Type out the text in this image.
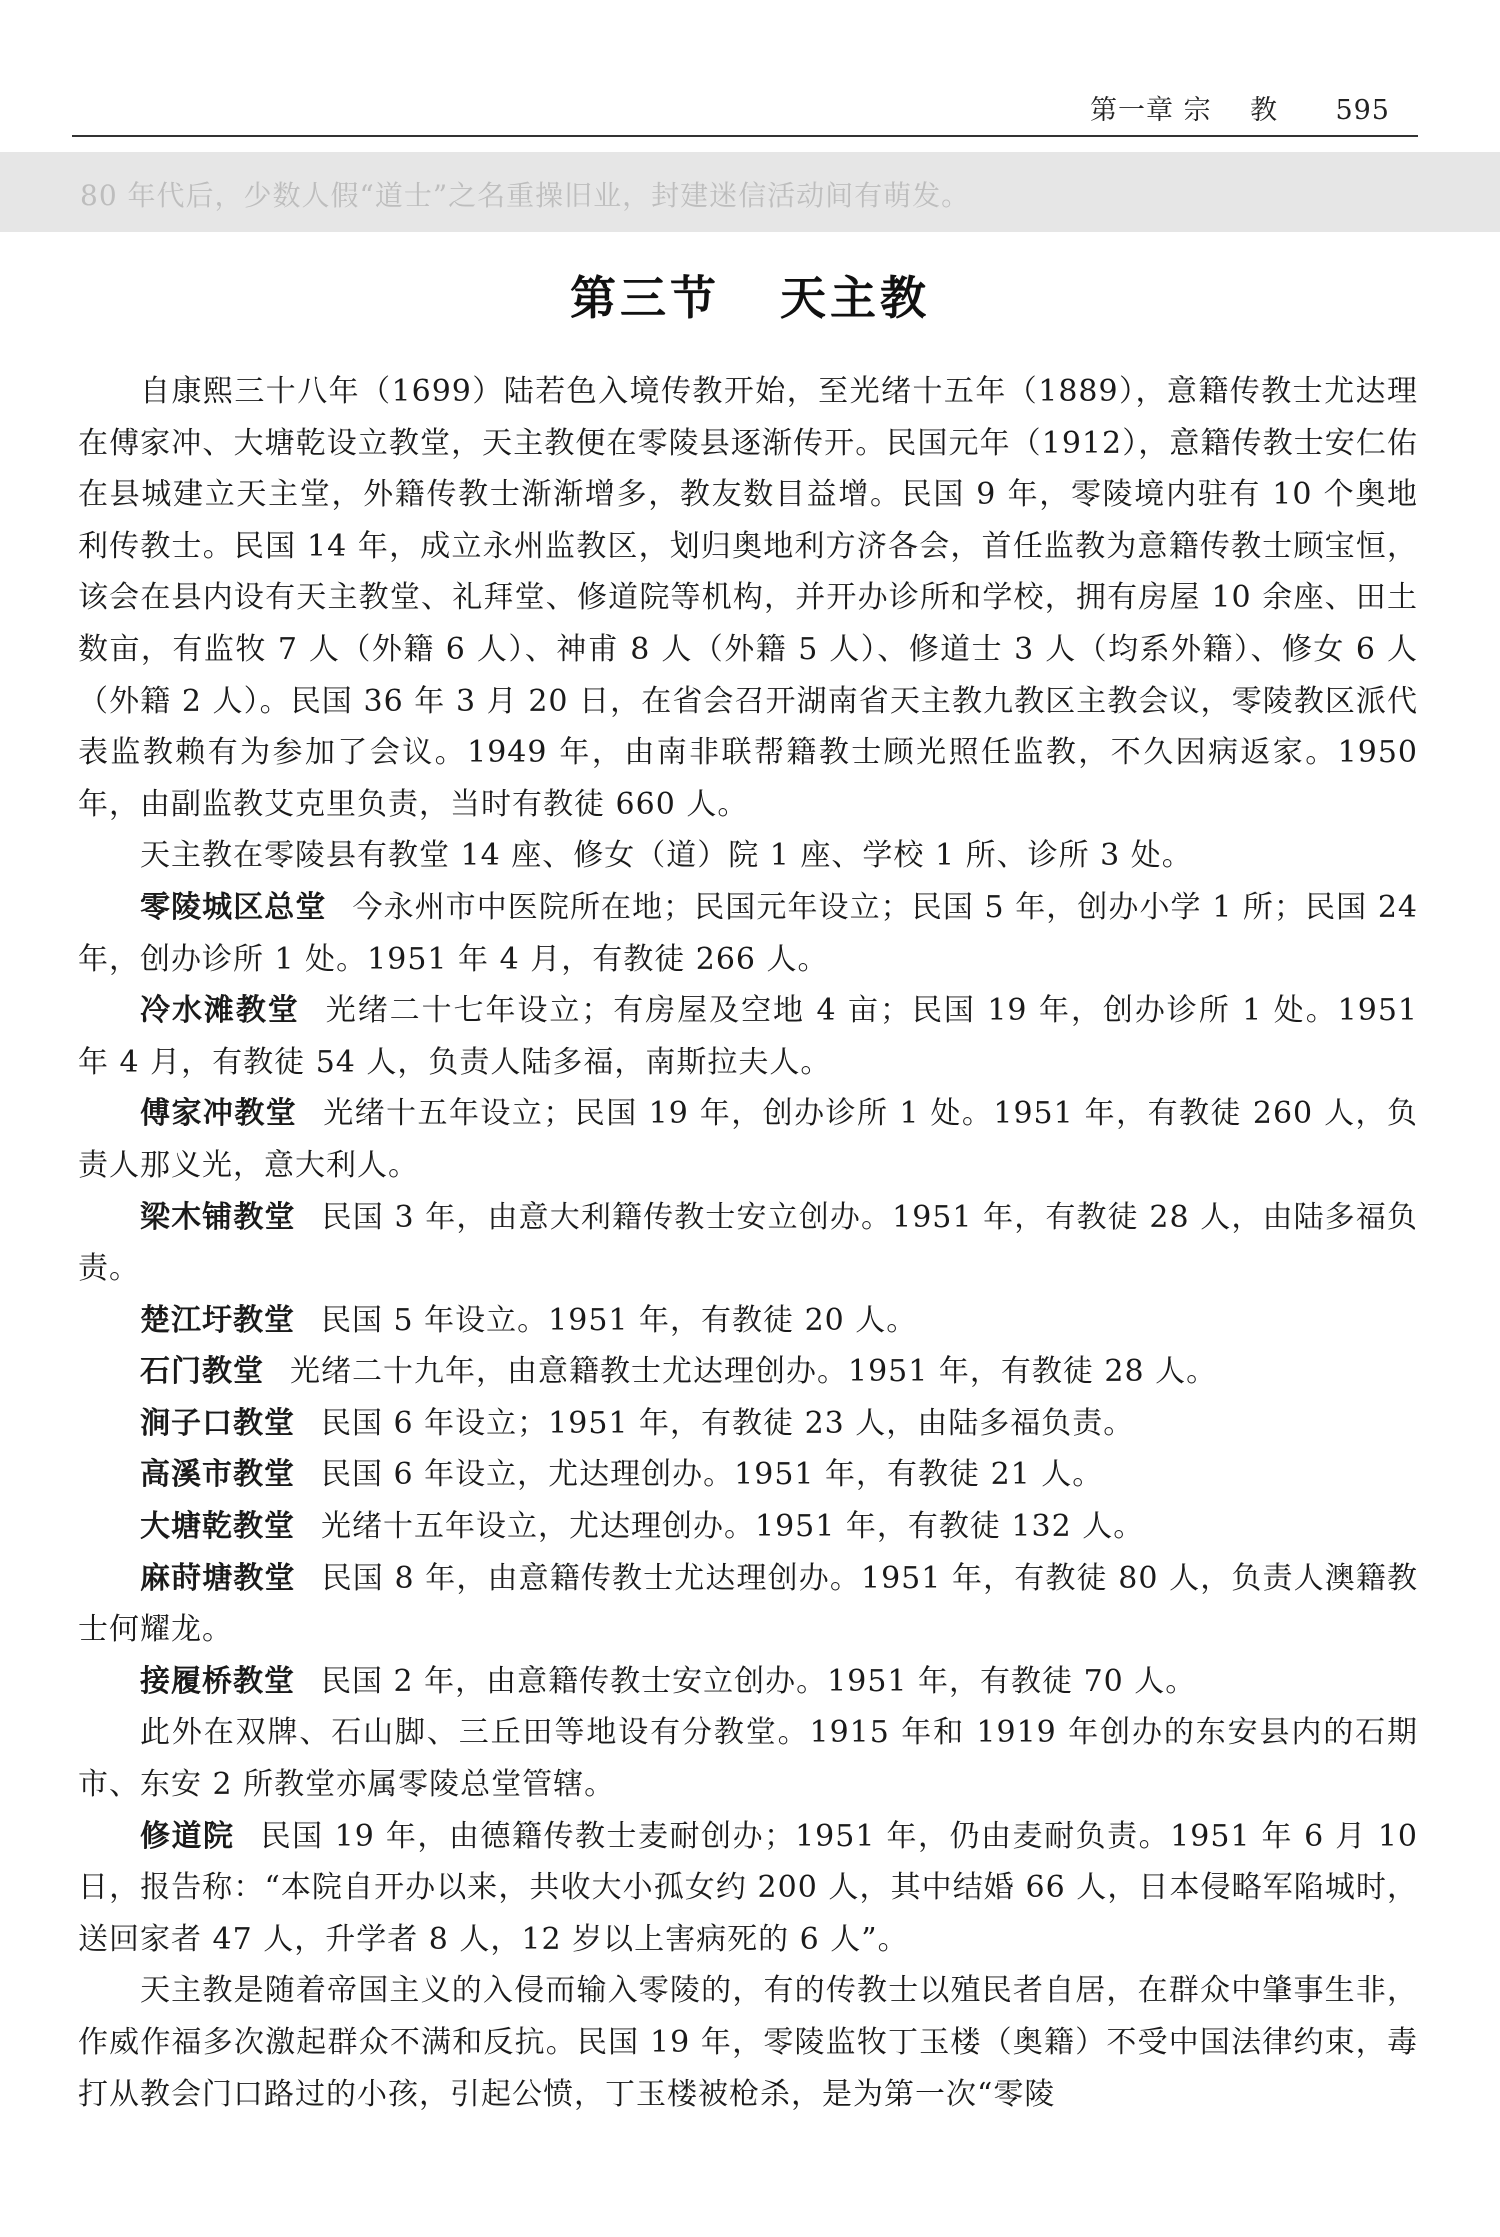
第一章 宗    教 595
80 年代后，少数人假“道士”之名重操旧业，封建迷信活动间有萌发。
第三节   天主教

自康熙三十八年（1699）陆若色入境传教开始，至光绪十五年（1889），意籍传教士尤达理在傅家冲、大塘乾设立教堂，天主教便在零陵县逐渐传开。民国元年（1912），意籍传教士安仁佑在县城建立天主堂，外籍传教士渐渐增多，教友数目益增。民国 9 年，零陵境内驻有 10 个奥地利传教士。民国 14 年，成立永州监教区，划归奥地利方济各会，首任监教为意籍传教士顾宝恒，该会在县内设有天主教堂、礼拜堂、修道院等机构，并开办诊所和学校，拥有房屋 10 余座、田土数亩，有监牧 7 人（外籍 6 人）、神甫 8 人（外籍 5 人）、修道士 3 人（均系外籍）、修女 6 人（外籍 2 人）。民国 36 年 3 月 20 日，在省会召开湖南省天主教九教区主教会议，零陵教区派代表监教赖有为参加了会议。1949 年，由南非联帮籍教士顾光照任监教，不久因病返家。1950 年，由副监教艾克里负责，当时有教徒 660 人。

天主教在零陵县有教堂 14 座、修女（道）院 1 座、学校 1 所、诊所 3 处。

零陵城区总堂 今永州市中医院所在地；民国元年设立；民国 5 年，创办小学 1 所；民国 24 年，创办诊所 1 处。1951 年 4 月，有教徒 266 人。

冷水滩教堂 光绪二十七年设立；有房屋及空地 4 亩；民国 19 年，创办诊所 1 处。1951 年 4 月，有教徒 54 人，负责人陆多福，南斯拉夫人。

傅家冲教堂 光绪十五年设立；民国 19 年，创办诊所 1 处。1951 年，有教徒 260 人，负责人那义光，意大利人。

梁木铺教堂 民国 3 年，由意大利籍传教士安立创办。1951 年，有教徒 28 人，由陆多福负责。

楚江圩教堂 民国 5 年设立。1951 年，有教徒 20 人。

石门教堂 光绪二十九年，由意籍教士尤达理创办。1951 年，有教徒 28 人。

涧子口教堂 民国 6 年设立；1951 年，有教徒 23 人，由陆多福负责。

高溪市教堂 民国 6 年设立，尤达理创办。1951 年，有教徒 21 人。

大塘乾教堂 光绪十五年设立，尤达理创办。1951 年，有教徒 132 人。

麻莳塘教堂 民国 8 年，由意籍传教士尤达理创办。1951 年，有教徒 80 人，负责人澳籍教士何耀龙。

接履桥教堂 民国 2 年，由意籍传教士安立创办。1951 年，有教徒 70 人。

此外在双牌、石山脚、三丘田等地设有分教堂。1915 年和 1919 年创办的东安县内的石期市、东安 2 所教堂亦属零陵总堂管辖。

修道院 民国 19 年，由德籍传教士麦耐创办；1951 年，仍由麦耐负责。1951 年 6 月 10 日，报告称：“本院自开办以来，共收大小孤女约 200 人，其中结婚 66 人，日本侵略军陷城时，送回家者 47 人，升学者 8 人，12 岁以上害病死的 6 人”。

天主教是随着帝国主义的入侵而输入零陵的，有的传教士以殖民者自居，在群众中肇事生非，作威作福多次激起群众不满和反抗。民国 19 年，零陵监牧丁玉楼（奥籍）不受中国法律约束，毒打从教会门口路过的小孩，引起公愤，丁玉楼被枪杀，是为第一次“零陵
